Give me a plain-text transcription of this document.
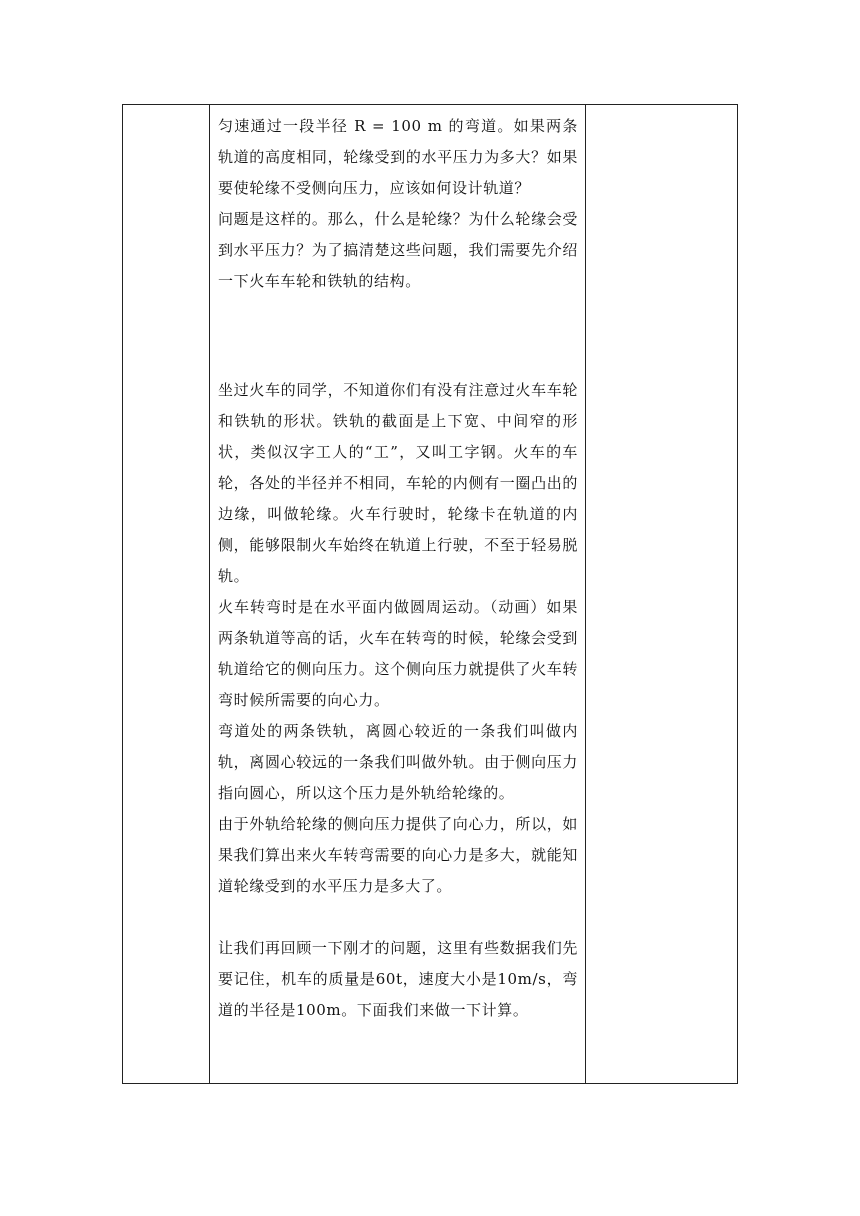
匀速通过一段半径 R = 100 m 的弯道。如果两条轨道的高度相同，轮缘受到的水平压力为多大？如果要使轮缘不受侧向压力，应该如何设计轨道？

问题是这样的。那么，什么是轮缘？为什么轮缘会受到水平压力？为了搞清楚这些问题，我们需要先介绍一下火车车轮和铁轨的结构。

坐过火车的同学，不知道你们有没有注意过火车车轮和铁轨的形状。铁轨的截面是上下宽、中间窄的形状，类似汉字工人的“工”，又叫工字钢。火车的车轮，各处的半径并不相同，车轮的内侧有一圈凸出的边缘，叫做轮缘。火车行驶时，轮缘卡在轨道的内侧，能够限制火车始终在轨道上行驶，不至于轻易脱轨。

火车转弯时是在水平面内做圆周运动。（动画）如果两条轨道等高的话，火车在转弯的时候，轮缘会受到轨道给它的侧向压力。这个侧向压力就提供了火车转弯时候所需要的向心力。

弯道处的两条铁轨，离圆心较近的一条我们叫做内轨，离圆心较远的一条我们叫做外轨。由于侧向压力指向圆心，所以这个压力是外轨给轮缘的。

由于外轨给轮缘的侧向压力提供了向心力，所以，如果我们算出来火车转弯需要的向心力是多大，就能知道轮缘受到的水平压力是多大了。

让我们再回顾一下刚才的问题，这里有些数据我们先要记住，机车的质量是60t，速度大小是10m/s，弯道的半径是100m。下面我们来做一下计算。
